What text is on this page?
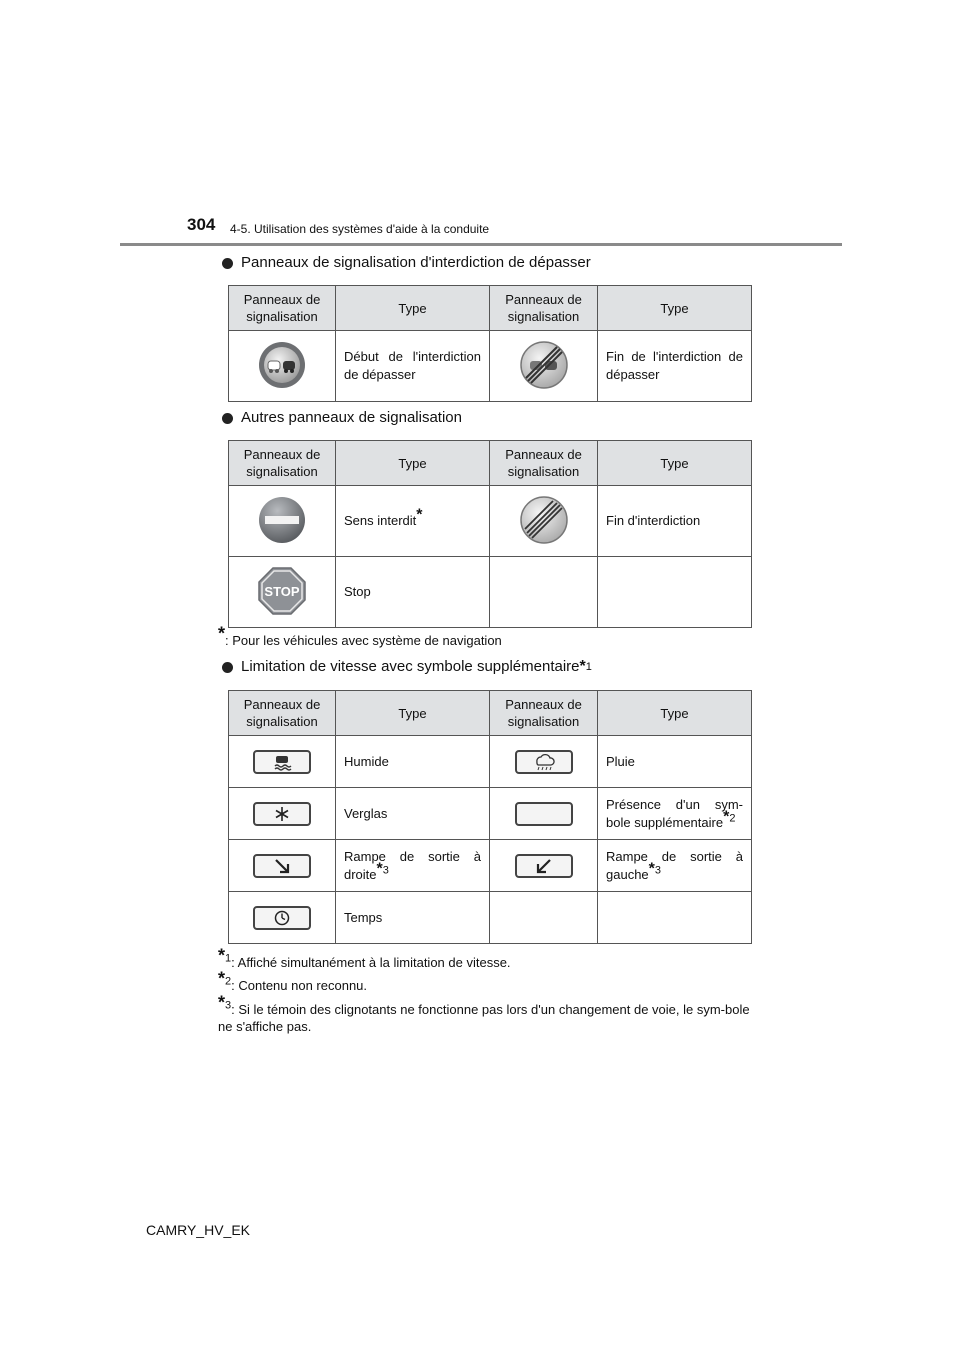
304 4-5. Utilisation des systèmes d'aide à la conduite
Panneaux de signalisation d'interdiction de dépasser
Panneaux de signalisation	Type	Panneaux de signalisation	Type
	Début de l'interdiction de dépasser		Fin de l'interdiction de dépasser
Autres panneaux de signalisation
Panneaux de signalisation	Type	Panneaux de signalisation	Type
	Sens interdit*		Fin d'interdiction

STOP	Stop		
*: Pour les véhicules avec système de navigation
Limitation de vitesse avec symbole supplémentaire * 1
Panneaux de signalisation	Type	Panneaux de signalisation	Type

	Humide		Pluie

	Verglas		Présence d'un sym-bole supplémentaire*$^2$

	Rampe de sortie à droite*$^3$		Rampe de sortie à gauche*$^3$

	Temps		
*$^1$: Affiché simultanément à la limitation de vitesse.
*$^2$: Contenu non reconnu.
*$^3$: Si le témoin des clignotants ne fonctionne pas lors d'un changement de voie, le sym-bole ne s'affiche pas.
CAMRY_HV_EK
